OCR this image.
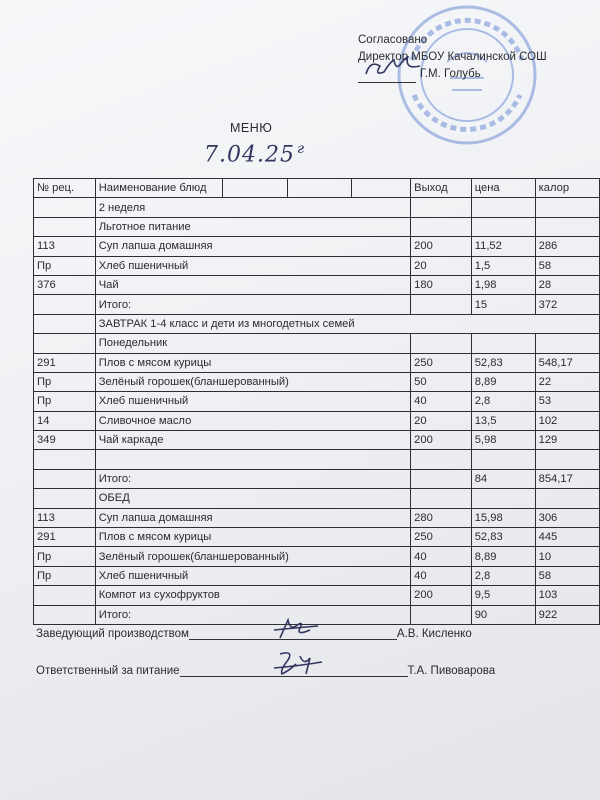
Согласовано
Директор МБОУ Качалинской СОШ
Г.М. Голубь
МЕНЮ
7.04.25 $^г$
№ рец.	Наименование блюд				Выход	цена	калор
	2 неделя						
	Льготное питание						
113	Суп лапша домашняя				200	11,52	286
Пр	Хлеб пшеничный				20	1,5	58
376	Чай				180	1,98	28
	Итого:					15	372
	ЗАВТРАК 1-4 класс и дети из многодетных семей						
	Понедельник						
291	Плов с мясом курицы				250	52,83	548,17
Пр	Зелёный горошек(бланшерованный)				50	8,89	22
Пр	Хлеб пшеничный				40	2,8	53
14	Сливочное масло				20	13,5	102
349	Чай каркаде				200	5,98	129

	Итого:					84	854,17
	ОБЕД						
113	Суп лапша домашняя				280	15,98	306
291	Плов с мясом курицы				250	52,83	445
Пр	Зелёный горошек(бланшерованный)				40	8,89	10
Пр	Хлеб пшеничный				40	2,8	58
	Компот из сухофруктов				200	9,5	103
	Итого:					90	922
Заведующий производством	А.В. Кисленко
Ответственный за питание	Т.А. Пивоварова
